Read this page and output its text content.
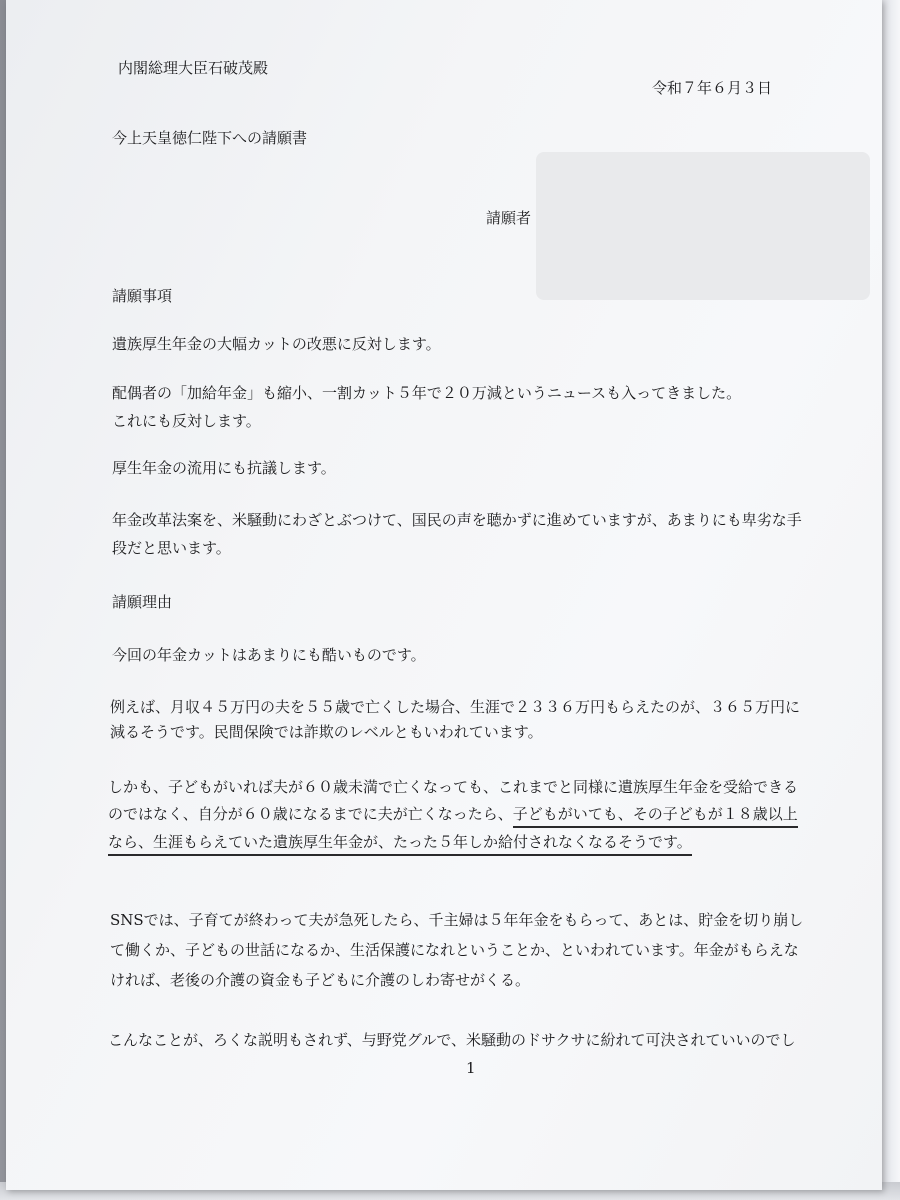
内閣総理大臣石破茂殿
令和７年６月３日
今上天皇徳仁陛下への請願書
請願者
請願事項
遺族厚生年金の大幅カットの改悪に反対します。
配偶者の「加給年金」も縮小、一割カット５年で２０万減というニュースも入ってきました。
これにも反対します。
厚生年金の流用にも抗議します。
年金改革法案を、米騒動にわざとぶつけて、国民の声を聴かずに進めていますが、あまりにも卑劣な手
段だと思います。
請願理由
今回の年金カットはあまりにも酷いものです。
例えば、月収４５万円の夫を５５歳で亡くした場合、生涯で２３３６万円もらえたのが、３６５万円に
減るそうです。民間保険では詐欺のレベルともいわれています。
しかも、子どもがいれば夫が６０歳未満で亡くなっても、これまでと同様に遺族厚生年金を受給できる
のではなく、自分が６０歳になるまでに夫が亡くなったら、子どもがいても、その子どもが１８歳以上
なら、生涯もらえていた遺族厚生年金が、たった５年しか給付されなくなるそうです。
SNSでは、子育てが終わって夫が急死したら、千主婦は５年年金をもらって、あとは、貯金を切り崩し
て働くか、子どもの世話になるか、生活保護になれということか、といわれています。年金がもらえな
ければ、老後の介護の資金も子どもに介護のしわ寄せがくる。
こんなことが、ろくな説明もされず、与野党グルで、米騒動のドサクサに紛れて可決されていいのでし
1
